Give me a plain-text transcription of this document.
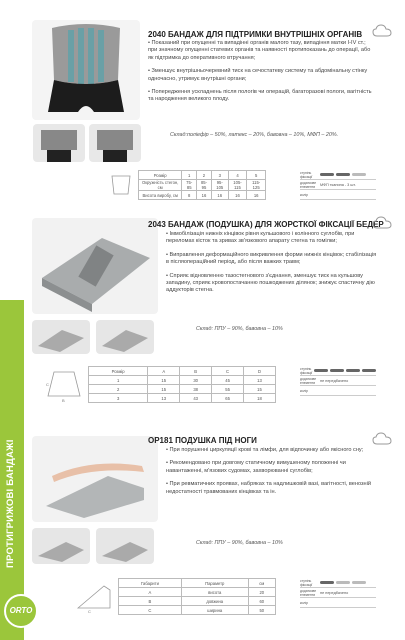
ПРОТИГРИЖОВІ БАНДАЖІ
ORTO
2040 БАНДАЖ ДЛЯ ПІДТРИМКИ ВНУТРІШНІХ ОРГАНІВ

• Показаний при опущенні та випадінні органів малого тазу, випадіння матки I-IV ст.; при значному опущенні статевих органів та наявності протипоказань до операції, або як підтримка до оперативного втручання;

• Зменшує внутрішньочеревний тиск на сечостатеву систему та абдомінальну стінку одночасно, утримує внутрішні органи;

• Попередження ускладнень після пологів чи операцій, багаторазові пологи, вагітність та народження великого плоду.

Склад:поліефір – 50%, латекс – 20%, бавовна – 10%, МФП – 20%.
Розмір	1	2	3	4	5
Окружність стегон, см	75-85	85-95	95-105	105-115	115-125
Висота виробу, см	8	16	16	16	16
ступінь фіксації
додаткове елементи	МФП тканина - 3 шт.
колір
2043 БАНДАЖ (ПОДУШКА) ДЛЯ ЖОРСТКОЇ ФІКСАЦІЇ БЕДЕР

• Іммобілізація нижніх кінцівок рівня кульшового і колінного суглобів, при переломах кісток та зривах зв'язкового апарату стегна та гомілки;

• Виправлення деформаційного викривлення форми нижніх кінцівок; стабілізація в післяопераційний період, або після важких травм;

• Сприяє відновленню тазостегнового з'єднання, зменшує тиск на кульшову западину, сприяє кровопостачанню пошкоджених ділянок; знижує спастичну дію аддукторів стегна.

Склад: ППУ – 90%, бавовна – 10%
C
B
Розмір	A	B	C	D
1	15	30	45	13
2	15	38	55	15
3	13	43	65	18
ступінь фіксації
додаткове елементи	не передбачено
колір
OP181 ПОДУШКА ПІД НОГИ

• При порушенні циркуляції крові та лімфи, для відпочинку або якісного сну;

• Рекомендовано при довгому статичному вимушеному положенні чи навантаженні, м'язових судомах, захворюванні суглобів;

• При ревматичних проявах, набряках та надлишковій вазі, вагітності, венозній недостатності травмованих кінцівках та ін.

Склад: ППУ – 90%, бавовна – 10%
C
Габарити	Параметр	см
A	висота	20
B	довжина	60
C	ширина	50
ступінь фіксації
додаткове елементи	не передбачено
колір
